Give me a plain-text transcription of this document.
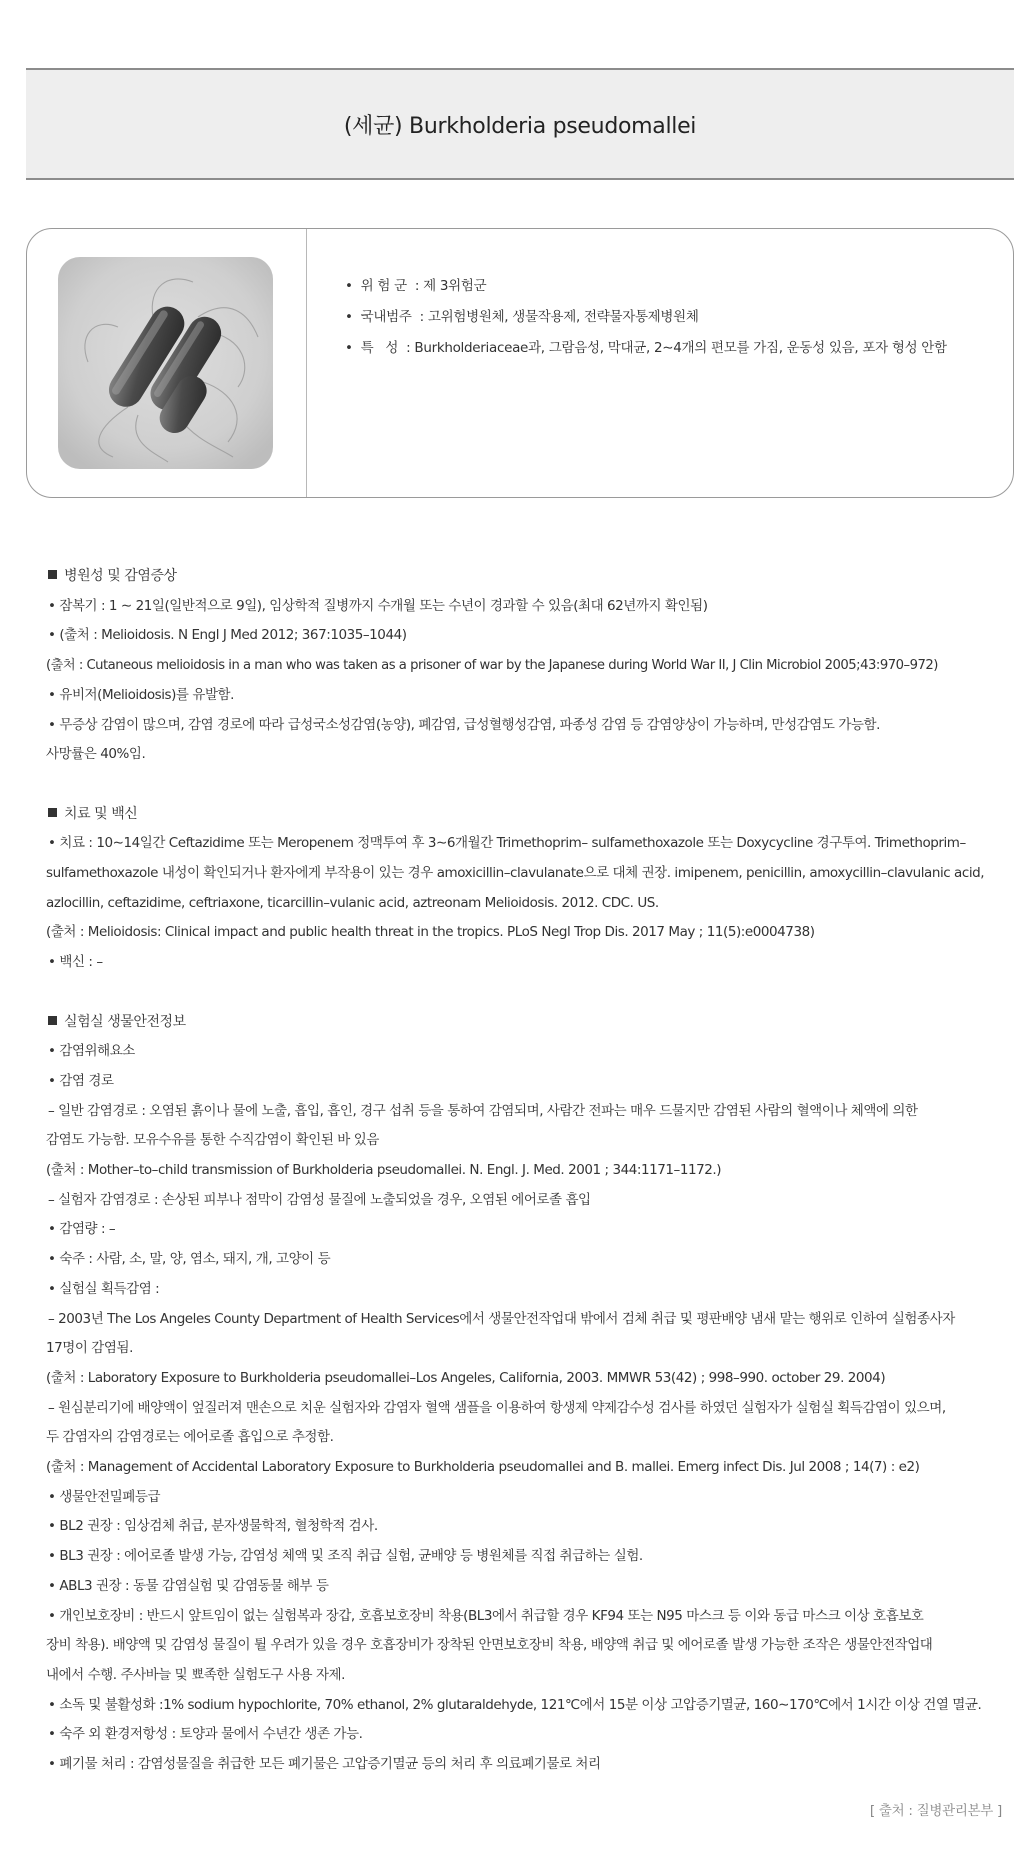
(세균) Burkholderia pseudomallei
•  위 험 군  : 제 3위험군
•  국내범주  : 고위험병원체, 생물작용제, 전략물자통제병원체
•  특   성  : Burkholderiaceae과, 그람음성, 막대균, 2∼4개의 편모를 가짐, 운동성 있음, 포자 형성 안함
병원성 및 감염증상

• 잠복기 : 1 ∼ 21일(일반적으로 9일), 임상학적 질병까지 수개월 또는 수년이 경과할 수 있음(최대 62년까지 확인됨)

• (출처 : Melioidosis. N Engl J Med 2012; 367:1035–1044)

(출처 : Cutaneous melioidosis in a man who was taken as a prisoner of war by the Japanese during World War II, J Clin Microbiol 2005;43:970–972)

• 유비저(Melioidosis)를 유발함.

• 무증상 감염이 많으며, 감염 경로에 따라 급성국소성감염(농양), 폐감염, 급성혈행성감염, 파종성 감염 등 감염양상이 가능하며, 만성감염도 가능함.

사망률은 40%임.

치료 및 백신

• 치료 : 10∼14일간 Ceftazidime 또는 Meropenem 정맥투여 후 3∼6개월간 Trimethoprim– sulfamethoxazole 또는 Doxycycline 경구투여. Trimethoprim–

sulfamethoxazole 내성이 확인되거나 환자에게 부작용이 있는 경우 amoxicillin–clavulanate으로 대체 권장. imipenem, penicillin, amoxycillin–clavulanic acid,

azlocillin, ceftazidime, ceftriaxone, ticarcillin–vulanic acid, aztreonam Melioidosis. 2012. CDC. US.

(출처 : Melioidosis: Clinical impact and public health threat in the tropics. PLoS Negl Trop Dis. 2017 May ; 11(5):e0004738)

• 백신 : –

실험실 생물안전정보

• 감염위해요소

• 감염 경로

– 일반 감염경로 : 오염된 흙이나 물에 노출, 흡입, 흡인, 경구 섭취 등을 통하여 감염되며, 사람간 전파는 매우 드물지만 감염된 사람의 혈액이나 체액에 의한

감염도 가능함. 모유수유를 통한 수직감염이 확인된 바 있음

(출처 : Mother–to–child transmission of Burkholderia pseudomallei. N. Engl. J. Med. 2001 ; 344:1171–1172.)

– 실험자 감염경로 : 손상된 피부나 점막이 감염성 물질에 노출되었을 경우, 오염된 에어로졸 흡입

• 감염량 : –

• 숙주 : 사람, 소, 말, 양, 염소, 돼지, 개, 고양이 등

• 실험실 획득감염 :

– 2003년 The Los Angeles County Department of Health Services에서 생물안전작업대 밖에서 검체 취급 및 평판배양 냄새 맡는 행위로 인하여 실험종사자

17명이 감염됨.

(출처 : Laboratory Exposure to Burkholderia pseudomallei–Los Angeles, California, 2003. MMWR 53(42) ; 998–990. october 29. 2004)

– 원심분리기에 배양액이 엎질러져 맨손으로 치운 실험자와 감염자 혈액 샘플을 이용하여 항생제 약제감수성 검사를 하였던 실험자가 실험실 획득감염이 있으며,

두 감염자의 감염경로는 에어로졸 흡입으로 추정함.

(출처 : Management of Accidental Laboratory Exposure to Burkholderia pseudomallei and B. mallei. Emerg infect Dis. Jul 2008 ; 14(7) : e2)

• 생물안전밀폐등급

• BL2 권장 : 임상검체 취급, 분자생물학적, 혈청학적 검사.

• BL3 권장 : 에어로졸 발생 가능, 감염성 체액 및 조직 취급 실험, 균배양 등 병원체를 직접 취급하는 실험.

• ABL3 권장 : 동물 감염실험 및 감염동물 해부 등

• 개인보호장비 : 반드시 앞트임이 없는 실험복과 장갑, 호흡보호장비 착용(BL3에서 취급할 경우 KF94 또는 N95 마스크 등 이와 동급 마스크 이상 호흡보호

장비 착용). 배양액 및 감염성 물질이 튈 우려가 있을 경우 호흡장비가 장착된 안면보호장비 착용, 배양액 취급 및 에어로졸 발생 가능한 조작은 생물안전작업대

내에서 수행. 주사바늘 및 뾰족한 실험도구 사용 자제.

• 소독 및 불활성화 :1% sodium hypochlorite, 70% ethanol, 2% glutaraldehyde, 121℃에서 15분 이상 고압증기멸균, 160∼170℃에서 1시간 이상 건열 멸균.

• 숙주 외 환경저항성 : 토양과 물에서 수년간 생존 가능.

• 폐기물 처리 : 감염성물질을 취급한 모든 폐기물은 고압증기멸균 등의 처리 후 의료폐기물로 처리

[ 출처 : 질병관리본부 ]
